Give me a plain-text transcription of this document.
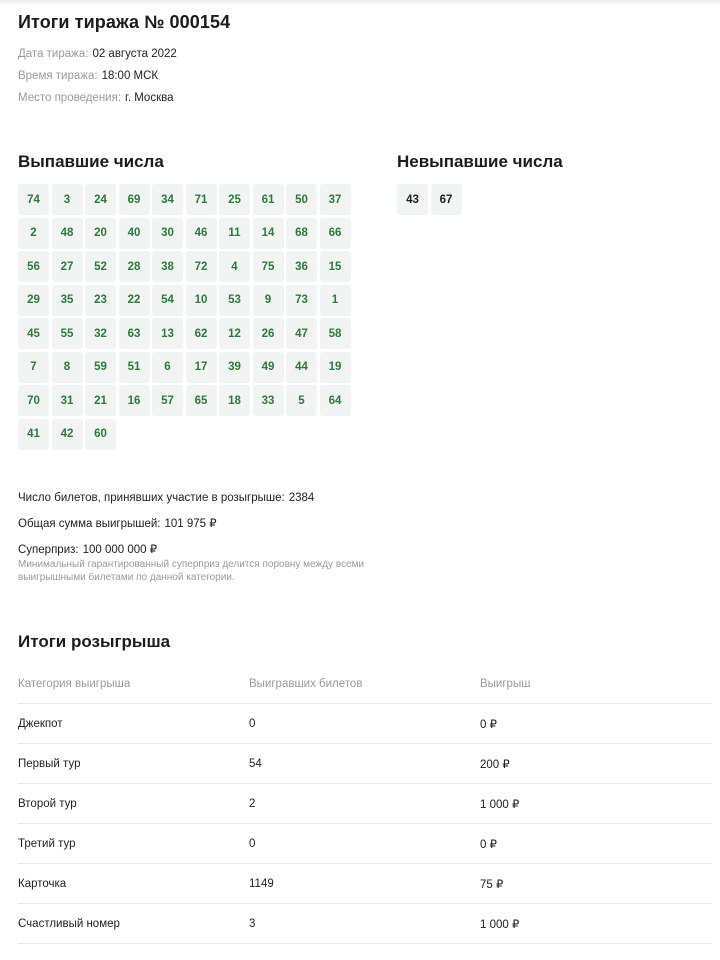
Итоги тиража № 000154
Дата тиража: 02 августа 2022
Время тиража: 18:00 МСК
Место проведения: г. Москва
Выпавшие числа
74	3	24	69	34	71	25	61	50	37
2	48	20	40	30	46	11	14	68	66
56	27	52	28	38	72	4	75	36	15
29	35	23	22	54	10	53	9	73	1
45	55	32	63	13	62	12	26	47	58
7	8	59	51	6	17	39	49	44	19
70	31	21	16	57	65	18	33	5	64
41	42	60
Невыпавшие числа
43	67
Число билетов, принявших участие в розыгрыше: 2384
Общая сумма выигрышей: 101 975 ₽
Суперприз: 100 000 000 ₽
Минимальный гарантированный суперприз делится поровну между всеми выигрышными билетами по данной категории.
Итоги розыгрыша
Категория выигрыша	Выигравших билетов	Выигрыш
Джекпот	0	0 ₽
Первый тур	54	200 ₽
Второй тур	2	1 000 ₽
Третий тур	0	0 ₽
Карточка	1149	75 ₽
Счастливый номер	3	1 000 ₽
